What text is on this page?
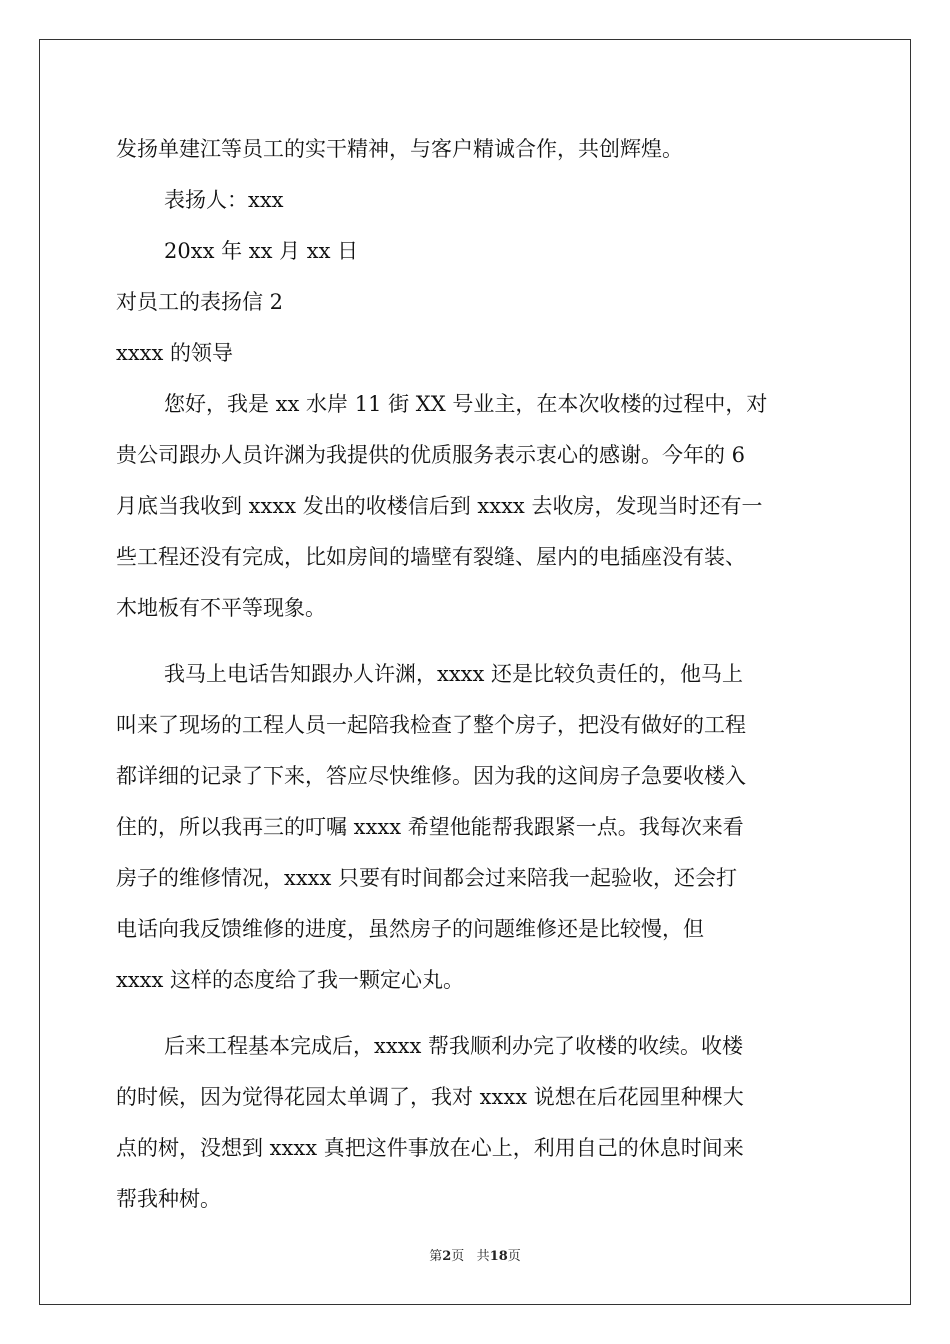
发扬单建江等员工的实干精神，与客户精诚合作，共创辉煌。
表扬人：xxx
20xx 年 xx 月 xx 日
对员工的表扬信 2
xxxx 的领导
您好，我是 xx 水岸 11 街 XX 号业主，在本次收楼的过程中，对
贵公司跟办人员许渊为我提供的优质服务表示衷心的感谢。今年的 6
月底当我收到 xxxx 发出的收楼信后到 xxxx 去收房，发现当时还有一
些工程还没有完成，比如房间的墙壁有裂缝、屋内的电插座没有装、
木地板有不平等现象。
我马上电话告知跟办人许渊，xxxx 还是比较负责任的，他马上
叫来了现场的工程人员一起陪我检查了整个房子，把没有做好的工程
都详细的记录了下来，答应尽快维修。因为我的这间房子急要收楼入
住的，所以我再三的叮嘱 xxxx 希望他能帮我跟紧一点。我每次来看
房子的维修情况，xxxx 只要有时间都会过来陪我一起验收，还会打
电话向我反馈维修的进度，虽然房子的问题维修还是比较慢，但
xxxx 这样的态度给了我一颗定心丸。
后来工程基本完成后，xxxx 帮我顺利办完了收楼的收续。收楼
的时候，因为觉得花园太单调了，我对 xxxx 说想在后花园里种棵大
点的树，没想到 xxxx 真把这件事放在心上，利用自己的休息时间来
帮我种树。
第2页 共18页
